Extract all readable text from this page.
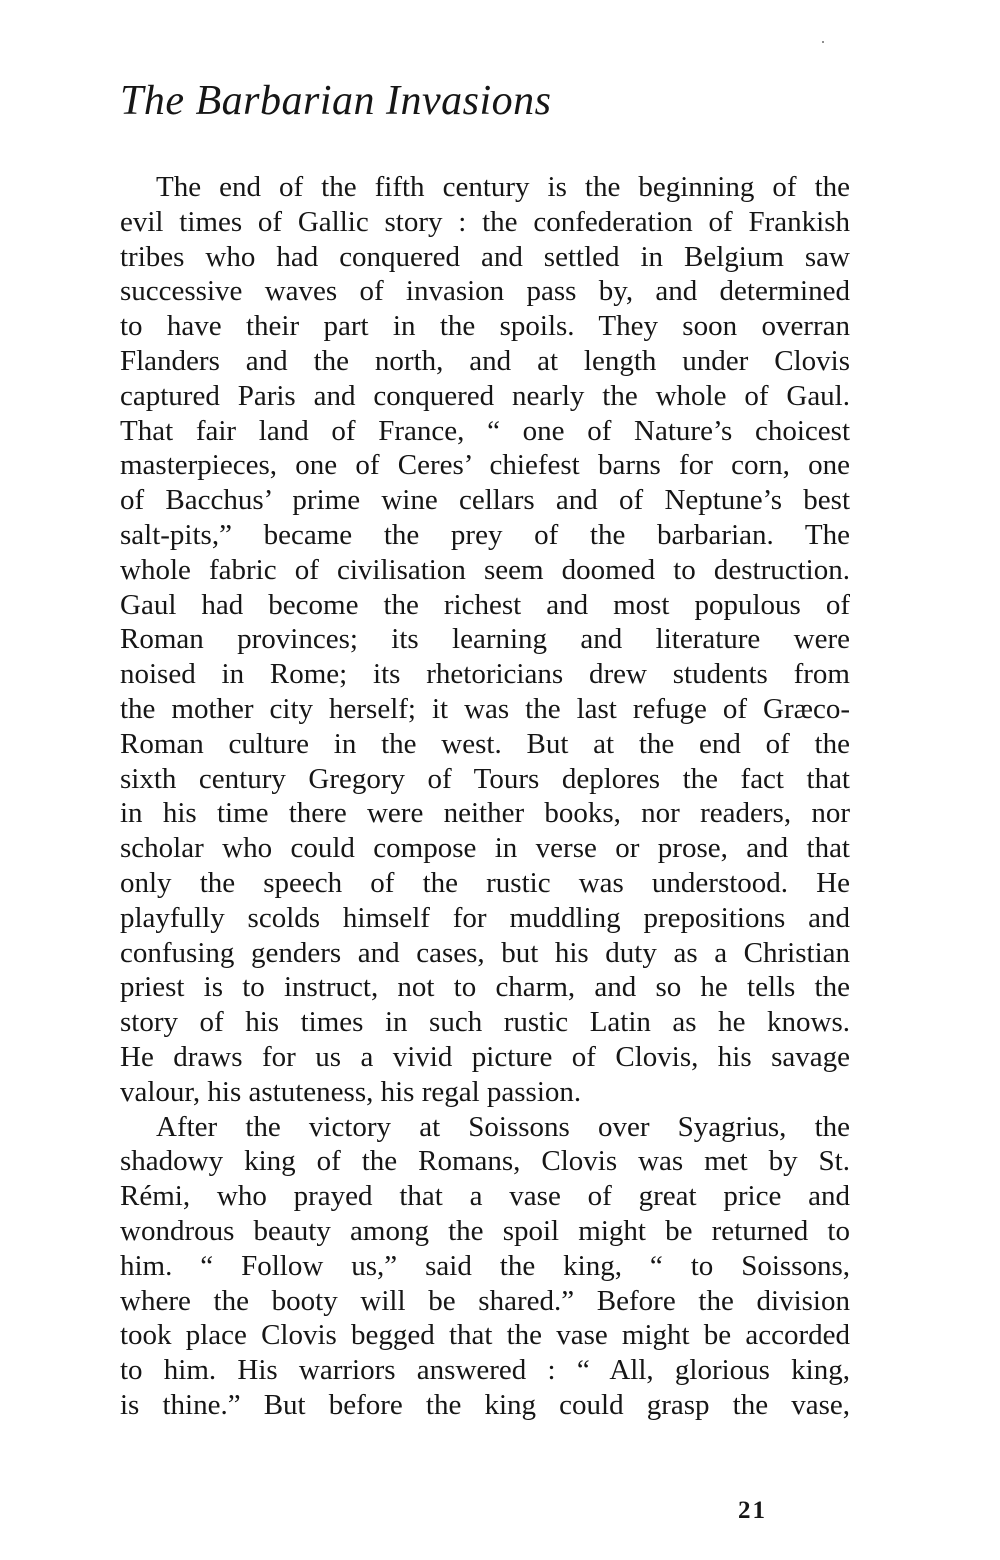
The Barbarian Invasions

The end of the fifth century is the beginning of the
evil times of Gallic story : the confederation of Frankish
tribes who had conquered and settled in Belgium saw
successive waves of invasion pass by, and determined
to have their part in the spoils. They soon overran
Flanders and the north, and at length under Clovis
captured Paris and conquered nearly the whole of Gaul.
That fair land of France, “ one of Nature’s choicest
masterpieces, one of Ceres’ chiefest barns for corn, one
of Bacchus’ prime wine cellars and of Neptune’s best
salt-pits,” became the prey of the barbarian. The
whole fabric of civilisation seem doomed to destruction.
Gaul had become the richest and most populous of
Roman provinces; its learning and literature were
noised in Rome; its rhetoricians drew students from
the mother city herself; it was the last refuge of Græco-
Roman culture in the west. But at the end of the
sixth century Gregory of Tours deplores the fact that
in his time there were neither books, nor readers, nor
scholar who could compose in verse or prose, and that
only the speech of the rustic was understood. He
playfully scolds himself for muddling prepositions and
confusing genders and cases, but his duty as a Christian
priest is to instruct, not to charm, and so he tells the
story of his times in such rustic Latin as he knows.
He draws for us a vivid picture of Clovis, his savage
valour, his astuteness, his regal passion.

After the victory at Soissons over Syagrius, the
shadowy king of the Romans, Clovis was met by St.
Rémi, who prayed that a vase of great price and
wondrous beauty among the spoil might be returned to
him. “ Follow us,” said the king, “ to Soissons,
where the booty will be shared.” Before the division
took place Clovis begged that the vase might be accorded
to him. His warriors answered : “ All, glorious king,
is thine.” But before the king could grasp the vase,

21
